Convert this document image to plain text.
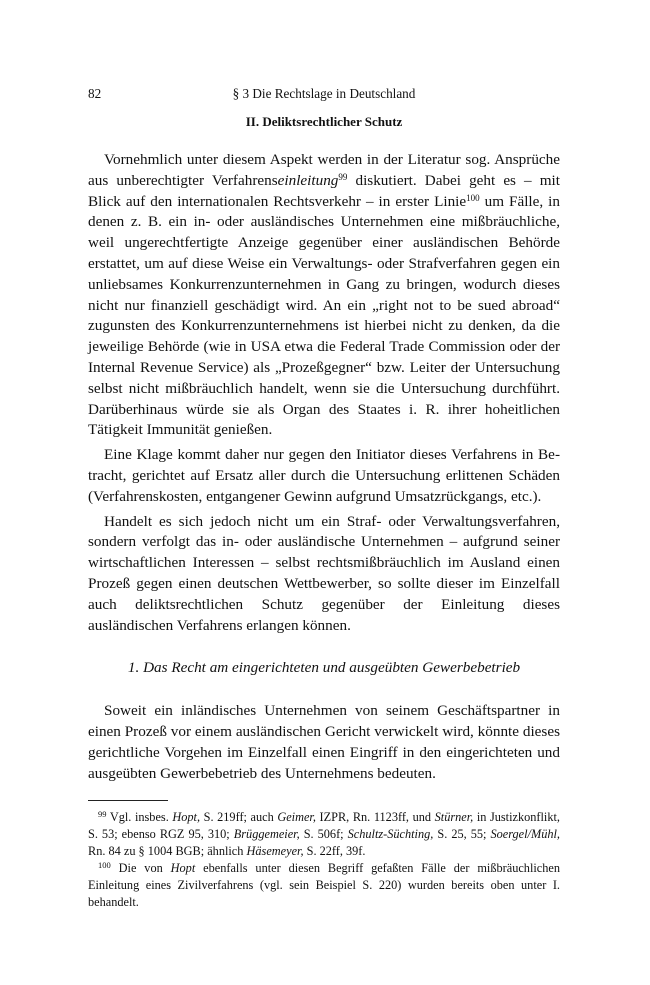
82	§ 3 Die Rechtslage in Deutschland
II. Deliktsrechtlicher Schutz

Vornehmlich unter diesem Aspekt werden in der Literatur sog. Ansprüche aus unberechtigter Verfahrenseinleitung$^{99}$ diskutiert. Dabei geht es – mit Blick auf den internationalen Rechtsverkehr – in erster Linie$^{100}$ um Fälle, in denen z. B. ein in- oder ausländisches Unternehmen eine mißbräuchliche, weil ungerechtfertigte Anzeige gegenüber einer ausländischen Behörde erstattet, um auf diese Weise ein Verwaltungs- oder Strafverfahren gegen ein unliebsames Konkurrenzunternehmen in Gang zu bringen, wodurch dieses nicht nur finanziell geschädigt wird. An ein „right not to be sued abroad“ zugunsten des Konkurrenzunternehmens ist hierbei nicht zu denken, da die jeweilige Behörde (wie in USA etwa die Federal Trade Commission oder der Internal Revenue Service) als „Prozeßgegner“ bzw. Leiter der Untersuchung selbst nicht mißbräuchlich handelt, wenn sie die Untersuchung durchführt. Darüberhinaus würde sie als Organ des Staates i. R. ihrer hoheitlichen Tätigkeit Immunität genießen.

Eine Klage kommt daher nur gegen den Initiator dieses Verfahrens in Betracht, gerichtet auf Ersatz aller durch die Untersuchung erlittenen Schäden (Verfahrenskosten, entgangener Gewinn aufgrund Umsatzrückgangs, etc.).

Handelt es sich jedoch nicht um ein Straf- oder Verwaltungsverfahren, sondern verfolgt das in- oder ausländische Unternehmen – aufgrund seiner wirtschaftlichen Interessen – selbst rechtsmißbräuchlich im Ausland einen Prozeß gegen einen deutschen Wettbewerber, so sollte dieser im Einzelfall auch deliktsrechtlichen Schutz gegenüber der Einleitung dieses ausländischen Verfahrens erlangen können.

1. Das Recht am eingerichteten und ausgeübten Gewerbebetrieb

Soweit ein inländisches Unternehmen von seinem Geschäftspartner in einen Prozeß vor einem ausländischen Gericht verwickelt wird, könnte dieses gerichtliche Vorgehen im Einzelfall einen Eingriff in den eingerichteten und ausgeübten Gewerbebetrieb des Unternehmens bedeuten.

$^{99}$ Vgl. insbes. Hopt, S. 219ff; auch Geimer, IZPR, Rn. 1123ff, und Stürner, in Justizkonflikt, S. 53; ebenso RGZ 95, 310; Brüggemeier, S. 506f; Schultz-Süchting, S. 25, 55; Soergel/Mühl, Rn. 84 zu § 1004 BGB; ähnlich Häsemeyer, S. 22ff, 39f.

$^{100}$ Die von Hopt ebenfalls unter diesen Begriff gefaßten Fälle der mißbräuchlichen Einleitung eines Zivilverfahrens (vgl. sein Beispiel S. 220) wurden bereits oben unter I. behandelt.
